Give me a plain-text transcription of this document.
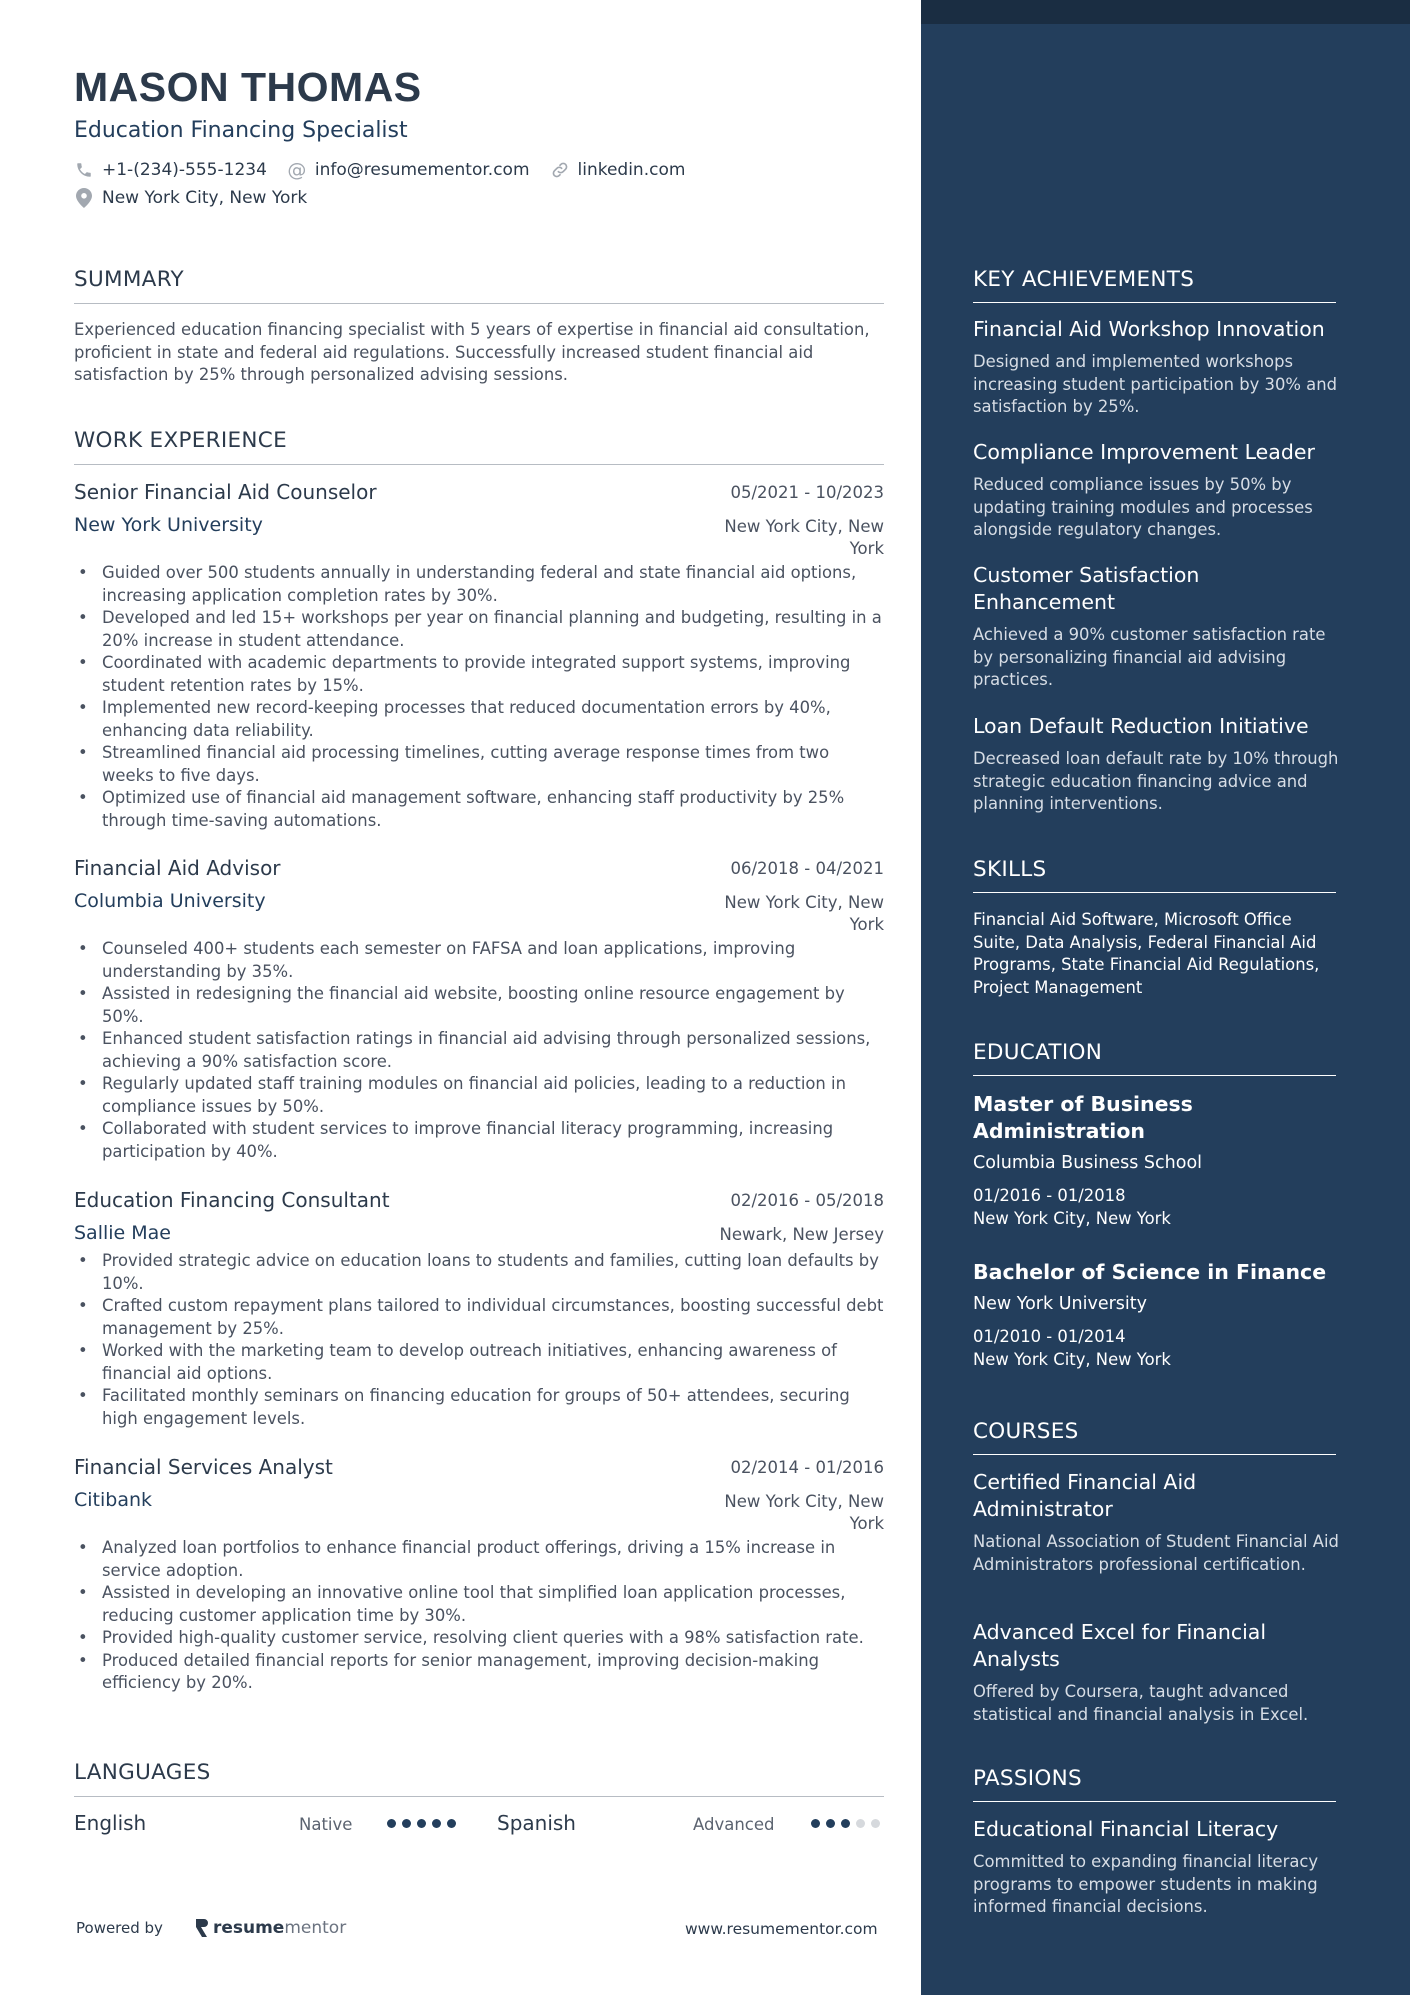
MASON THOMAS
Education Financing Specialist
+1-(234)-555-1234 @ info@resumementor.com	linkedin.com
New York City, New York
SUMMARY
Experienced education financing specialist with 5 years of expertise in financial aid consultation, proficient in state and federal aid regulations. Successfully increased student financial aid satisfaction by 25% through personalized advising sessions.
WORK EXPERIENCE
Senior Financial Aid Counselor	05/2021 - 10/2023
New York University	New York City, New York
• Guided over 500 students annually in understanding federal and state financial aid options, increasing application completion rates by 30%.
• Developed and led 15+ workshops per year on financial planning and budgeting, resulting in a 20% increase in student attendance.
• Coordinated with academic departments to provide integrated support systems, improving student retention rates by 15%.
• Implemented new record-keeping processes that reduced documentation errors by 40%, enhancing data reliability.
• Streamlined financial aid processing timelines, cutting average response times from two weeks to five days.
• Optimized use of financial aid management software, enhancing staff productivity by 25% through time-saving automations.
Financial Aid Advisor	06/2018 - 04/2021
Columbia University	New York City, New York
• Counseled 400+ students each semester on FAFSA and loan applications, improving understanding by 35%.
• Assisted in redesigning the financial aid website, boosting online resource engagement by 50%.
• Enhanced student satisfaction ratings in financial aid advising through personalized sessions, achieving a 90% satisfaction score.
• Regularly updated staff training modules on financial aid policies, leading to a reduction in compliance issues by 50%.
• Collaborated with student services to improve financial literacy programming, increasing participation by 40%.
Education Financing Consultant	02/2016 - 05/2018
Sallie Mae	Newark, New Jersey
• Provided strategic advice on education loans to students and families, cutting loan defaults by 10%.
• Crafted custom repayment plans tailored to individual circumstances, boosting successful debt management by 25%.
• Worked with the marketing team to develop outreach initiatives, enhancing awareness of financial aid options.
• Facilitated monthly seminars on financing education for groups of 50+ attendees, securing high engagement levels.
Financial Services Analyst	02/2014 - 01/2016
Citibank	New York City, New York
• Analyzed loan portfolios to enhance financial product offerings, driving a 15% increase in service adoption.
• Assisted in developing an innovative online tool that simplified loan application processes, reducing customer application time by 30%.
• Provided high-quality customer service, resolving client queries with a 98% satisfaction rate.
• Produced detailed financial reports for senior management, improving decision-making efficiency by 20%.
LANGUAGES
English	Native	Spanish	Advanced
Powered by	resume mentor	www.resumementor.com
KEY ACHIEVEMENTS
Financial Aid Workshop Innovation
Designed and implemented workshops increasing student participation by 30% and satisfaction by 25%.
Compliance Improvement Leader
Reduced compliance issues by 50% by updating training modules and processes alongside regulatory changes.
Customer Satisfaction Enhancement
Achieved a 90% customer satisfaction rate by personalizing financial aid advising practices.
Loan Default Reduction Initiative
Decreased loan default rate by 10% through strategic education financing advice and planning interventions.
SKILLS
Financial Aid Software, Microsoft Office Suite, Data Analysis, Federal Financial Aid Programs, State Financial Aid Regulations, Project Management
EDUCATION
Master of Business Administration
Columbia Business School
01/2016 - 01/2018
New York City, New York
Bachelor of Science in Finance
New York University
01/2010 - 01/2014
New York City, New York
COURSES
Certified Financial Aid Administrator
National Association of Student Financial Aid Administrators professional certification.
Advanced Excel for Financial Analysts
Offered by Coursera, taught advanced statistical and financial analysis in Excel.
PASSIONS
Educational Financial Literacy
Committed to expanding financial literacy programs to empower students in making informed financial decisions.
